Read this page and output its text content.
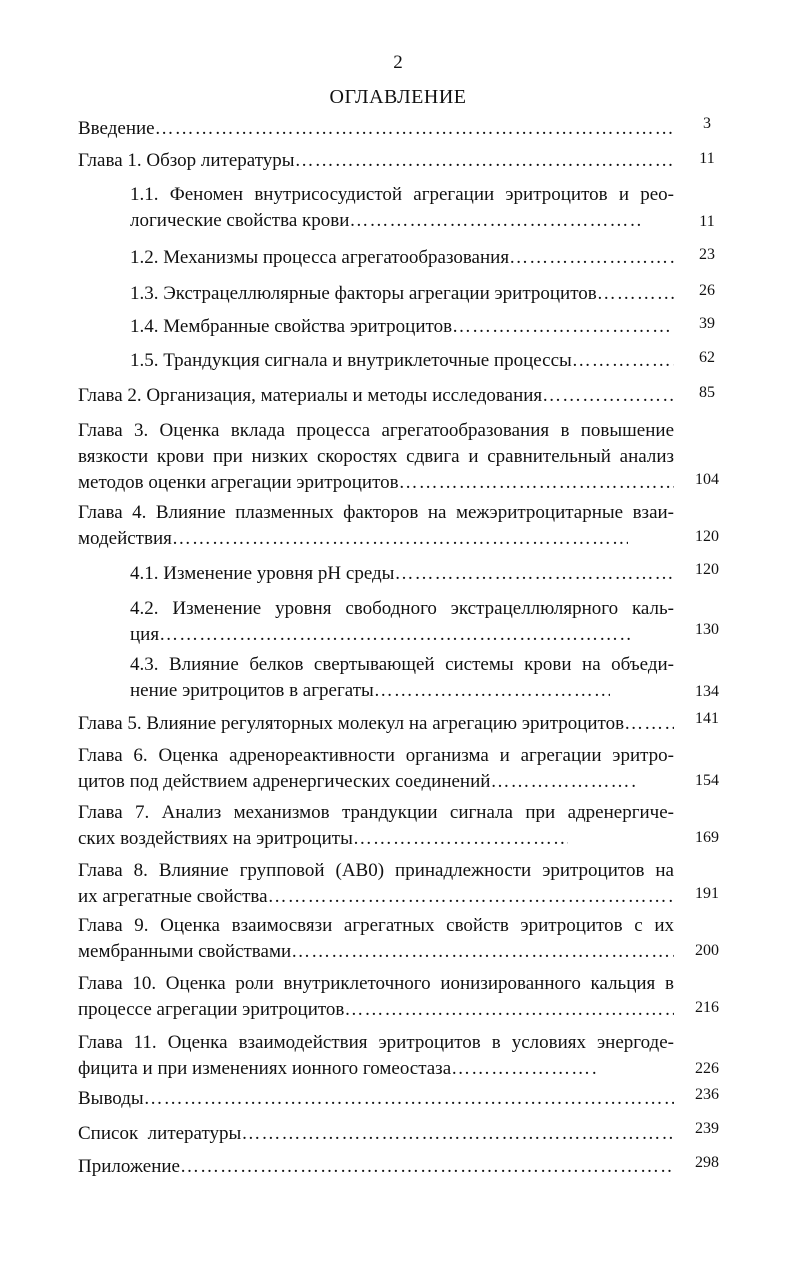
2
ОГЛАВЛЕНИЕ
Введение ……………………………………………………………………………………………………………………………………………………………………	3
Глава 1. Обзор литературы ……………………………………………………………………………………………………………………………………………………………………	11
1.1. Феномен внутрисосудистой агрегации эритроцитов и рео-
логические свойства крови ……………………………………………………………………………………………………………………………………………………………………	11
1.2. Механизмы процесса агрегатообразования ……………………………………………………………………………………………………………………………………………………………………	23
1.3. Экстрацеллюлярные факторы агрегации эритроцитов ……………………………………………………………………………………………………………………………………………………………………	26
1.4. Мембранные свойства эритроцитов ……………………………………………………………………………………………………………………………………………………………………	39
1.5. Трандукция сигнала и внутриклеточные процессы ……………………………………………………………………………………………………………………………………………………………………	62
Глава 2. Организация, материалы и методы исследования ……………………………………………………………………………………………………………………………………………………………………	85
Глава 3. Оценка вклада процесса агрегатообразования в повышение
вязкости крови при низких скоростях сдвига и сравнительный анализ
методов оценки агрегации эритроцитов ……………………………………………………………………………………………………………………………………………………………………	104
Глава 4. Влияние плазменных факторов на межэритроцитарные взаи-
модействия ……………………………………………………………………………………………………………………………………………………………………	120
4.1. Изменение уровня pH среды ……………………………………………………………………………………………………………………………………………………………………	120
4.2. Изменение уровня свободного экстрацеллюлярного каль-
ция ……………………………………………………………………………………………………………………………………………………………………	130
4.3. Влияние белков свертывающей системы крови на объеди-
нение эритроцитов в агрегаты ……………………………………………………………………………………………………………………………………………………………………	134
Глава 5. Влияние регуляторных молекул на агрегацию эритроцитов ……………………………………………………………………………………………………………………………………………………………………	141
Глава 6. Оценка адренореактивности организма и агрегации эритро-
цитов под действием адренергических соединений ……………………………………………………………………………………………………………………………………………………………………	154
Глава 7. Анализ механизмов трандукции сигнала при адренергиче-
ских воздействиях на эритроциты ……………………………………………………………………………………………………………………………………………………………………	169
Глава 8. Влияние групповой (АВ0) принадлежности эритроцитов на
их агрегатные свойства ……………………………………………………………………………………………………………………………………………………………………	191
Глава 9. Оценка взаимосвязи агрегатных свойств эритроцитов с их
мембранными свойствами ……………………………………………………………………………………………………………………………………………………………………	200
Глава 10. Оценка роли внутриклеточного ионизированного кальция в
процессе агрегации эритроцитов ……………………………………………………………………………………………………………………………………………………………………	216
Глава 11. Оценка взаимодействия эритроцитов в условиях энергоде-
фицита и при изменениях ионного гомеостаза ……………………………………………………………………………………………………………………………………………………………………	226
Выводы ……………………………………………………………………………………………………………………………………………………………………	236
Список  литературы ……………………………………………………………………………………………………………………………………………………………………	239
Приложение ……………………………………………………………………………………………………………………………………………………………………	298
